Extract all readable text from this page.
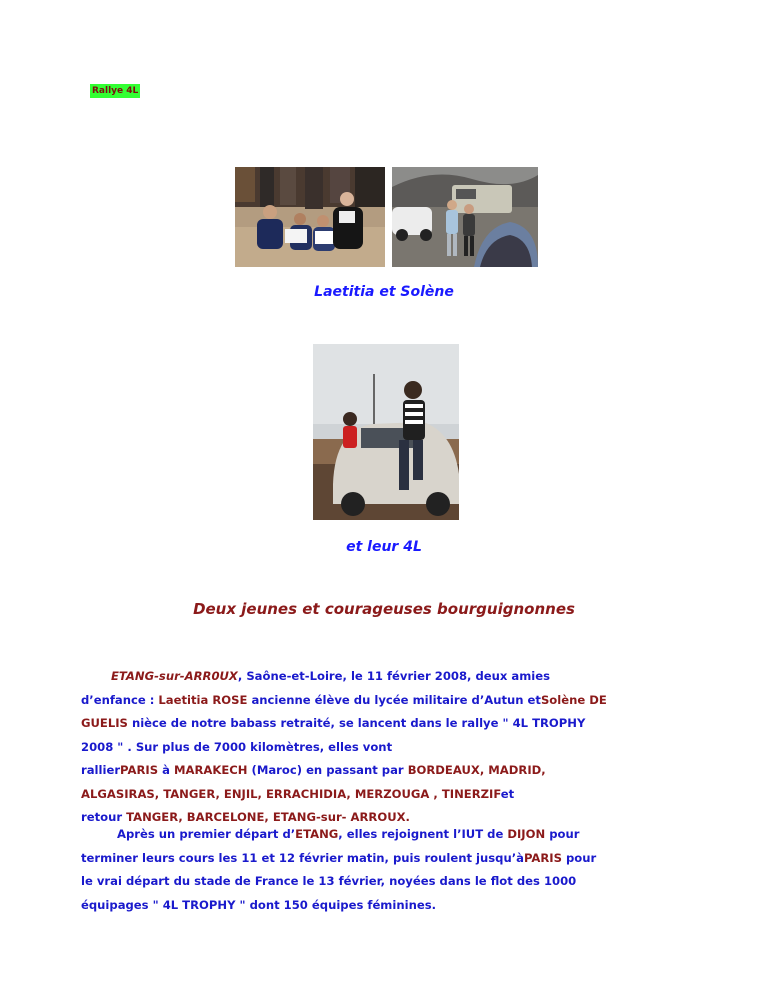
Rallye 4L
Laetitia et Solène
et leur 4L
Deux jeunes et courageuses bourguignonnes
ETANG-sur-ARR0UX, Saône-et-Loire, le 11 février 2008, deux amies
d’enfance : Laetitia ROSE ancienne élève du lycée militaire d’Autun etSolène DE
GUELIS nièce de notre babass retraité, se lancent dans le rallye " 4L TROPHY
2008 " . Sur plus de 7000 kilomètres, elles vont
rallierPARIS à MARAKECH (Maroc) en passant par BORDEAUX, MADRID,
ALGASIRAS, TANGER, ENJIL, ERRACHIDIA, MERZOUGA , TINERZIFet
retour TANGER, BARCELONE, ETANG-sur- ARROUX.
Après un premier départ d’ETANG, elles rejoignent l’IUT de DIJON pour
terminer leurs cours les 11 et 12 février matin, puis roulent jusqu’àPARIS pour
le vrai départ du stade de France le 13 février, noyées dans le flot des 1000
équipages " 4L TROPHY " dont 150 équipes féminines.
